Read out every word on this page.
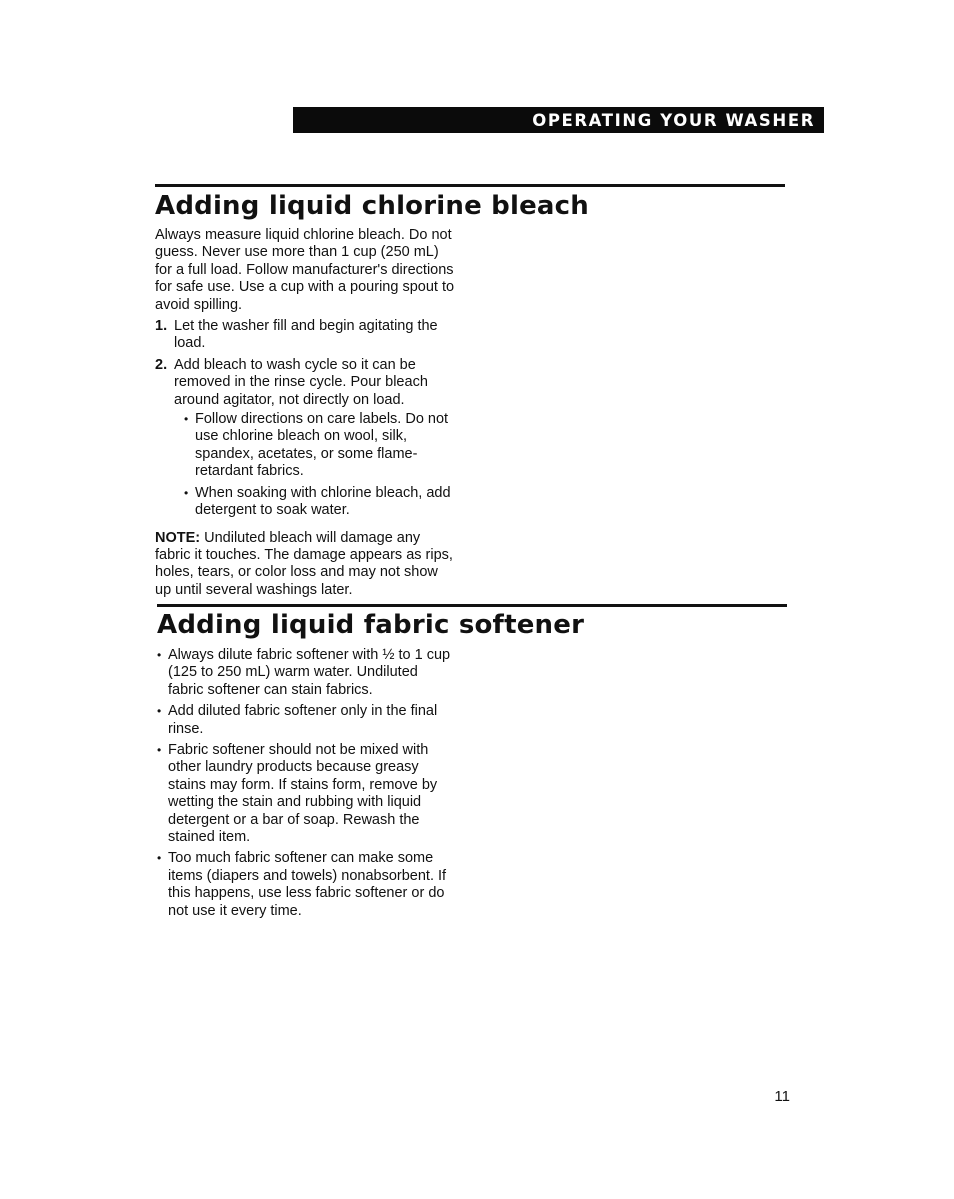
OPERATING YOUR WASHER
Adding liquid chlorine bleach

Always measure liquid chlorine bleach. Do not guess. Never use more than 1 cup (250 mL) for a full load. Follow manufacturer's directions for safe use. Use a cup with a pouring spout to avoid spilling.

1. Let the washer fill and begin agitating the load.
2. Add bleach to wash cycle so it can be removed in the rinse cycle. Pour bleach around agitator, not directly on load.
• Follow directions on care labels. Do not use chlorine bleach on wool, silk, spandex, acetates, or some flame-retardant fabrics.
• When soaking with chlorine bleach, add detergent to soak water.

NOTE: Undiluted bleach will damage any fabric it touches. The damage appears as rips, holes, tears, or color loss and may not show up until several washings later.

Adding liquid fabric softener
• Always dilute fabric softener with ½ to 1 cup (125 to 250 mL) warm water. Undiluted fabric softener can stain fabrics.
• Add diluted fabric softener only in the final rinse.
• Fabric softener should not be mixed with other laundry products because greasy stains may form. If stains form, remove by wetting the stain and rubbing with liquid detergent or a bar of soap. Rewash the stained item.
• Too much fabric softener can make some items (diapers and towels) nonabsorbent. If this happens, use less fabric softener or do not use it every time.
11
